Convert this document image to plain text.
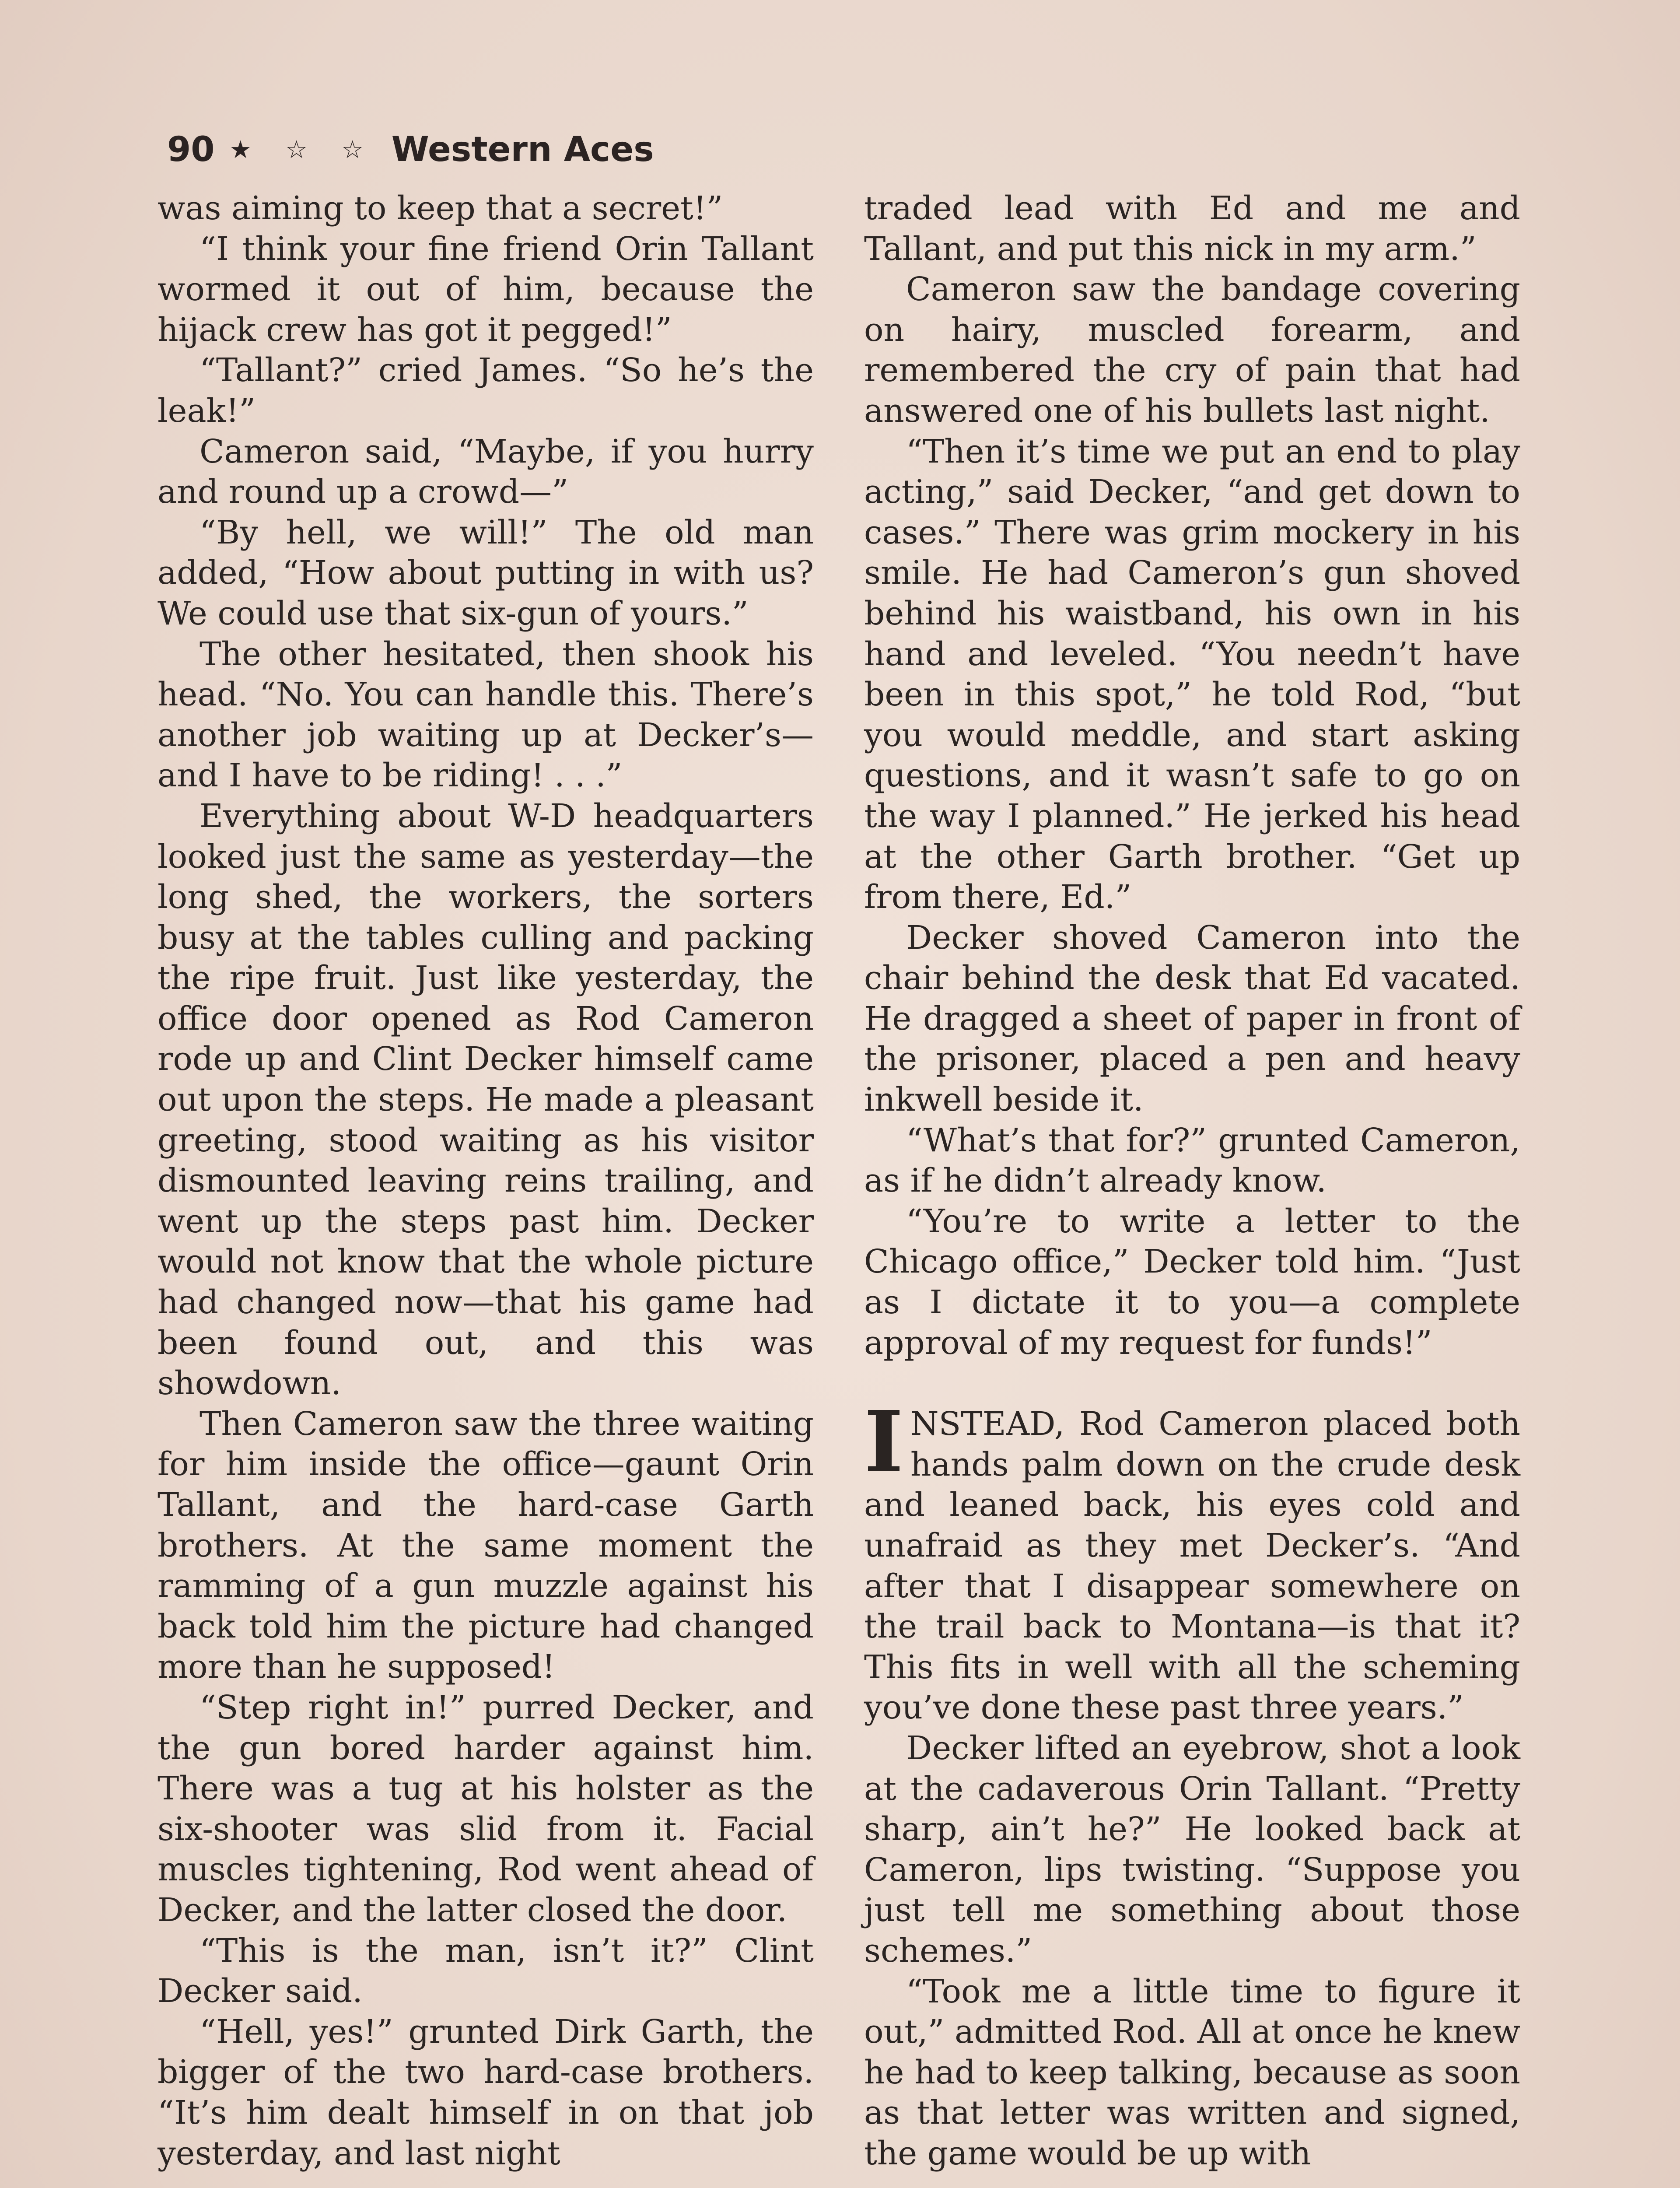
90 ★ ☆ ☆ Western Aces

was aiming to keep that a secret!”

“I think your fine friend Orin Tallant wormed it out of him, because the hijack crew has got it pegged!”

“Tallant?” cried James. “So he’s the leak!”

Cameron said, “Maybe, if you hurry and round up a crowd—”

“By hell, we will!” The old man added, “How about putting in with us? We could use that six-gun of yours.”

The other hesitated, then shook his head. “No. You can handle this. There’s another job waiting up at Decker’s—and I have to be riding! . . .”

Everything about W-D headquarters looked just the same as yesterday—the long shed, the workers, the sorters busy at the tables culling and packing the ripe fruit. Just like yesterday, the office door opened as Rod Cameron rode up and Clint Decker himself came out upon the steps. He made a pleasant greeting, stood waiting as his visitor dismounted leaving reins trailing, and went up the steps past him. Decker would not know that the whole picture had changed now—that his game had been found out, and this was showdown.

Then Cameron saw the three waiting for him inside the office—gaunt Orin Tallant, and the hard-case Garth brothers. At the same moment the ramming of a gun muzzle against his back told him the picture had changed more than he supposed!

“Step right in!” purred Decker, and the gun bored harder against him. There was a tug at his holster as the six-shooter was slid from it. Facial muscles tightening, Rod went ahead of Decker, and the latter closed the door.

“This is the man, isn’t it?” Clint Decker said.

“Hell, yes!” grunted Dirk Garth, the bigger of the two hard-case brothers. “It’s him dealt himself in on that job yesterday, and last night

traded lead with Ed and me and Tallant, and put this nick in my arm.”

Cameron saw the bandage covering on hairy, muscled forearm, and remembered the cry of pain that had answered one of his bullets last night.

“Then it’s time we put an end to play acting,” said Decker, “and get down to cases.” There was grim mockery in his smile. He had Cameron’s gun shoved behind his waistband, his own in his hand and leveled. “You needn’t have been in this spot,” he told Rod, “but you would meddle, and start asking questions, and it wasn’t safe to go on the way I planned.” He jerked his head at the other Garth brother. “Get up from there, Ed.”

Decker shoved Cameron into the chair behind the desk that Ed vacated. He dragged a sheet of paper in front of the prisoner, placed a pen and heavy inkwell beside it.

“What’s that for?” grunted Cameron, as if he didn’t already know.

“You’re to write a letter to the Chicago office,” Decker told him. “Just as I dictate it to you—a complete approval of my request for funds!”

INSTEAD, Rod Cameron placed both hands palm down on the crude desk and leaned back, his eyes cold and unafraid as they met Decker’s. “And after that I disappear somewhere on the trail back to Montana—is that it? This fits in well with all the scheming you’ve done these past three years.”

Decker lifted an eyebrow, shot a look at the cadaverous Orin Tallant. “Pretty sharp, ain’t he?” He looked back at Cameron, lips twisting. “Suppose you just tell me something about those schemes.”

“Took me a little time to figure it out,” admitted Rod. All at once he knew he had to keep talking, because as soon as that letter was written and signed, the game would be up with
